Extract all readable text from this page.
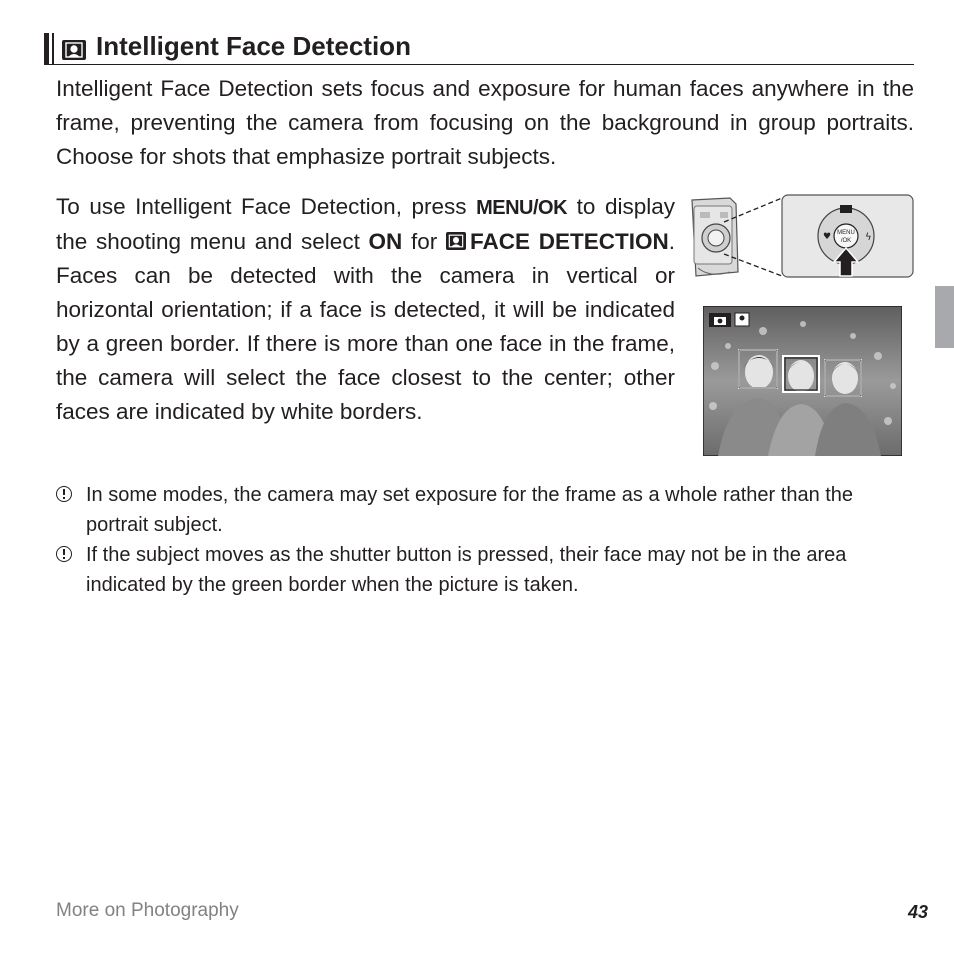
Intelligent Face Detection

Intelligent Face Detection sets focus and exposure for human faces anywhere in the frame, preventing the camera from focusing on the background in group portraits. Choose for shots that emphasize portrait subjects.

To use Intelligent Face Detection, press MENU/OK to display the shooting menu and select ON for
FACE DETECTION. Faces can be detected with the camera in vertical or horizontal orientation; if a face is detected, it will be indicated by a green border. If there is more than one face in the frame, the camera will select the face closest to the center; other faces are indicated by white borders.

MENU
/OK
♥	ϟ
In some modes, the camera may set exposure for the frame as a whole rather than the portrait subject.
If the subject moves as the shutter button is pressed, their face may not be in the area indicated by the green border when the picture is taken.
More on Photography	43
